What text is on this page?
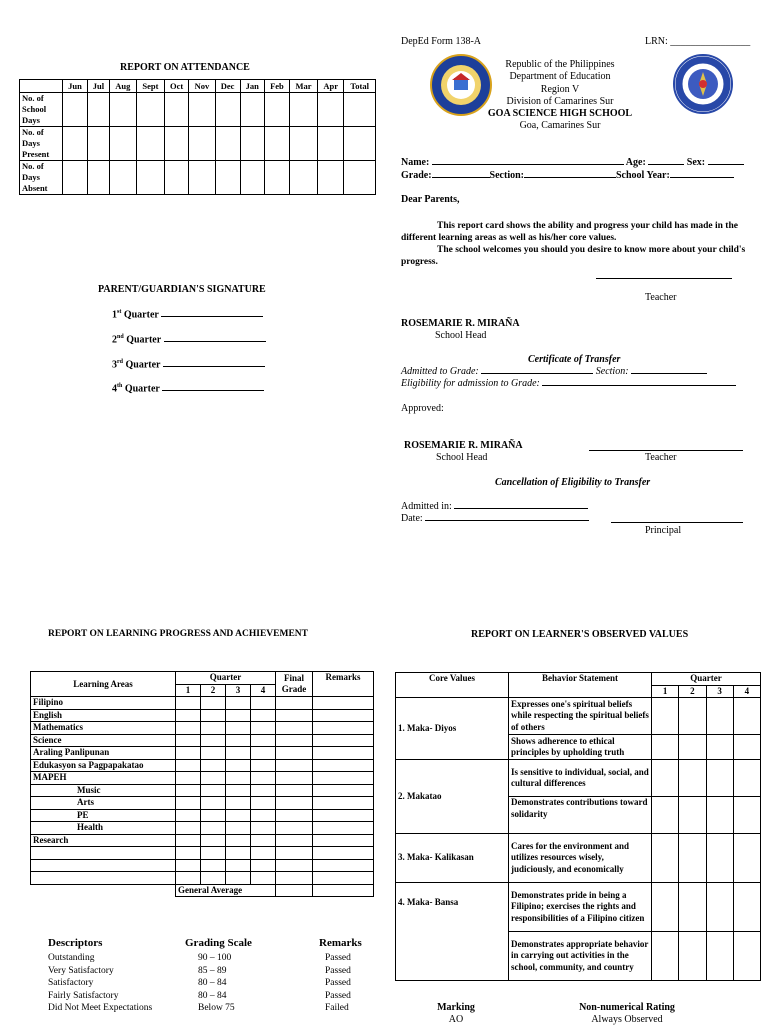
REPORT ON ATTENDANCE
	Jun	Jul	Aug	Sept	Oct	Nov	Dec	Jan	Feb	Mar	Apr	Total
No. of School Days												
No. of Days Present												
No. of Days Absent												
PARENT/GUARDIAN'S SIGNATURE
1st Quarter
2nd Quarter
3rd Quarter
4th Quarter
DepEd Form 138-A	LRN: ________________
Republic of the Philippines
Department of Education
Region V
Division of Camarines Sur
GOA SCIENCE HIGH SCHOOL
Goa, Camarines Sur
Name:	Age:	Sex:
Grade:	Section:	School Year:
Dear Parents,
This report card shows the ability and progress your child has made in the different learning areas as well as his/her core values.
The school welcomes you should you desire to know more about your child's progress.
Teacher
ROSEMARIE R. MIRAÑA
School Head
Certificate of Transfer
Admitted to Grade:	Section:
Eligibility for admission to Grade:
Approved:
ROSEMARIE R. MIRAÑA
School Head	Teacher
Cancellation of Eligibility to Transfer
Admitted in:
Date:
Principal
REPORT ON LEARNING PROGRESS AND ACHIEVEMENT
Learning Areas	Quarter				Final Grade	Remarks
	1	2	3	4		
Filipino						
English						
Mathematics						
Science						
Araling Panlipunan						
Edukasyon sa Pagpapakatao						
MAPEH						
Music						
Arts						
PE						
Health						
Research						

	General Average					
Descriptors	Grading Scale	Remarks
Outstanding	90 – 100	Passed
Very Satisfactory	85 – 89	Passed
Satisfactory	80 – 84	Passed
Fairly Satisfactory	80 – 84	Passed
Did Not Meet Expectations	Below 75	Failed
REPORT ON LEARNER'S OBSERVED VALUES
Core Values	Behavior Statement	Quarter			
		1	2	3	4
1. Maka- Diyos	Expresses one's spiritual beliefs while respecting the spiritual beliefs of others				
	Shows adherence to ethical principles by upholding truth				
2. Makatao	Is sensitive to individual, social, and cultural differences				
	Demonstrates contributions toward solidarity				
3. Maka- Kalikasan	Cares for the environment and utilizes resources wisely, judiciously, and economically				
4. Maka- Bansa	Demonstrates pride in being a Filipino; exercises the rights and responsibilities of a Filipino citizen				
	Demonstrates appropriate behavior in carrying out activities in the school, community, and country				
Marking	Non-numerical Rating
AO	Always Observed
